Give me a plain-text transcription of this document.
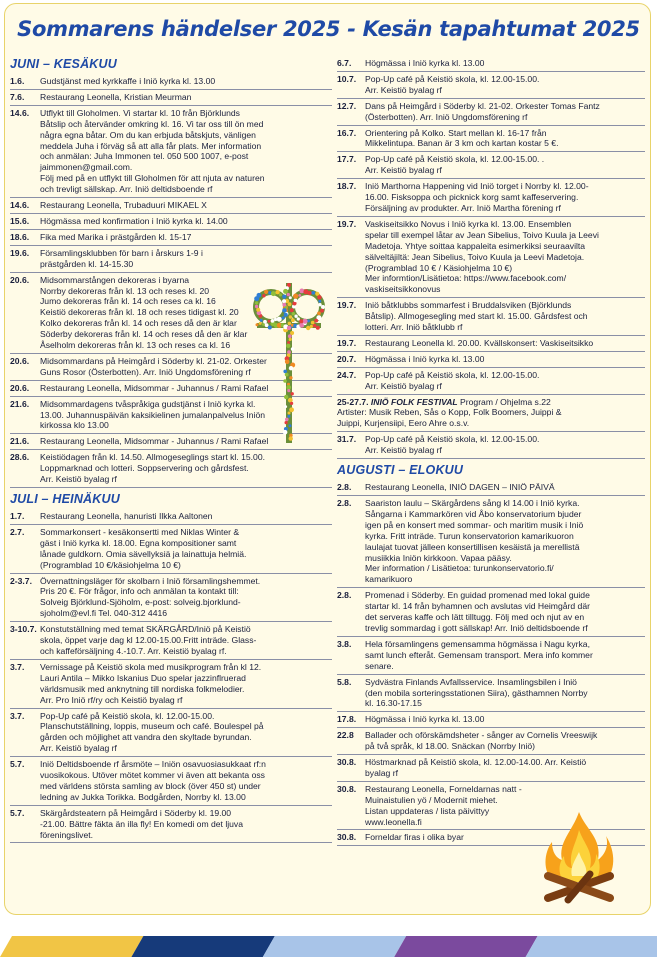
Sommarens händelser 2025 - Kesän tapahtumat 2025
JUNI – KESÄKUU
1.6.	Gudstjänst med kyrkkaffe i Iniö kyrka kl. 13.00
7.6.	Restaurang Leonella, Kristian Meurman
14.6.	Utflykt till Gloholmen. Vi startar kl. 10 från Björklunds
Båtslip och återvänder omkring kl. 16. Vi tar oss till ön med
några egna båtar. Om du kan erbjuda båtskjuts, vänligen
meddela Juha i förväg så att alla får plats. Mer information
och anmälan: Juha Immonen tel. 050 500 1007, e-post
jaimmonen@gmail.com.
Följ med på en utflykt till Gloholmen för att njuta av naturen
och trevligt sällskap. Arr. Iniö deltidsboende rf
14.6.	Restaurang Leonella, Trubaduuri MIKAEL X
15.6.	Högmässa med konfirmation i Iniö kyrka kl. 14.00
18.6.	Fika med Marika i prästgården kl. 15-17
19.6.	Församlingsklubben för barn i årskurs 1-9 i
prästgården kl. 14-15.30
20.6.	Midsommarstången dekoreras i byarna
Norrby dekoreras från kl. 13 och reses kl. 20
Jumo dekoreras från kl. 14 och reses ca kl. 16
Keistiö dekoreras från kl. 18 och reses tidigast kl. 20
Kolko dekoreras från kl. 14 och reses då den är klar
Söderby dekoreras från kl. 14 och reses då den är klar
Åselholm dekoreras från kl. 13 och reses ca kl. 16
20.6.	Midsommardans på Heimgård i Söderby kl. 21-02. Orkester
Guns Rosor (Österbotten). Arr. Iniö Ungdomsförening rf
20.6.	Restaurang Leonella, Midsommar - Juhannus / Rami Rafael
21.6.	Midsommardagens tvåspråkiga gudstjänst i Iniö kyrka kl.
13.00. Juhannuspäivän kaksikielinen jumalanpalvelus Iniön
kirkossa klo 13.00
21.6.	Restaurang Leonella, Midsommar - Juhannus / Rami Rafael
28.6.	Keistiödagen från kl. 14.50. Allmogeseglings start kl. 15.00.
Loppmarknad och lotteri. Soppservering och gårdsfest.
Arr. Keistiö byalag rf
JULI – HEINÄKUU
1.7.	Restaurang Leonella, hanuristi Ilkka Aaltonen
2.7.	Sommarkonsert - kesäkonsertti med Niklas Winter &
gäst i Iniö kyrka kl. 18.00. Egna kompositioner samt
lånade guldkorn. Omia sävellyksiä ja lainattuja helmiä.
(Programblad 10 €/käsiohjelma 10 €)
2-3.7. Övernattningsläger för skolbarn i Iniö församlingshemmet.
Pris 20 €. För frågor, info och anmälan ta kontakt till:
Solveig Björklund-Sjöholm, e-post: solveig.bjorklund-
sjoholm@evl.fi Tel. 040-312 4416
3-10.7. Konstutställning med temat SKÄRGÅRD/Iniö på Keistiö
skola, öppet varje dag kl 12.00-15.00.Fritt inträde. Glass-
och kaffeförsäljning 4.-10.7. Arr. Keistiö byalag rf.
3.7.	Vernissage på Keistiö skola med musikprogram från kl 12.
Lauri Antila – Mikko Iskanius Duo spelar jazzinflruerad
världsmusik med anknytning till nordiska folkmelodier.
Arr. Pro Iniö rf/ry och Keistiö byalag rf
3.7.	Pop-Up café på Keistiö skola, kl. 12.00-15.00.
Planschutställning, loppis, museum och café. Boulespel på
gården och möjlighet att vandra den skyltade byrundan.
Arr. Keistiö byalag rf
5.7.	Iniö Deltidsboende rf årsmöte – Iniön osavuosiasukkaat rf:n
vuosikokous. Utöver mötet kommer vi även att bekanta oss
med världens största samling av block (över 450 st) under
ledning av Jukka Torikka. Bodgården, Norrby kl. 13.00
5.7.	Skärgårdsteatern på Heimgård i Söderby kl. 19.00
-21.00. Bättre fäkta än illa fly! En komedi om det ljuva
föreningslivet.
6.7.	Högmässa i Iniö kyrka kl. 13.00
10.7.	Pop-Up café på Keistiö skola, kl. 12.00-15.00.
Arr. Keistiö byalag rf
12.7.	Dans på Heimgård i Söderby kl. 21-02. Orkester Tomas Fantz
(Österbotten). Arr. Iniö Ungdomsförening rf
16.7.	Orientering på Kolko. Start mellan kl. 16-17 från
Mikkelintupa. Banan är 3 km och kartan kostar 5 €.
17.7.	Pop-Up café på Keistiö skola, kl. 12.00-15.00. .
Arr. Keistiö byalag rf
18.7.	Iniö Marthorna Happening vid Iniö torget i Norrby kl. 12.00-
16.00. Fisksoppa och picknick korg samt kaffeservering.
Försäljning av produkter. Arr. Iniö Martha förening rf
19.7.	Vaskiseitsikko Novus i Iniö kyrka kl. 13.00. Ensemblen
spelar till exempel låtar av Jean Sibelius, Toivo Kuula ja Leevi
Madetoja. Yhtye soittaa kappaleita esimerkiksi seuraavilta
sälveltäjiltä: Jean Sibelius, Toivo Kuula ja Leevi Madetoja.
(Programblad 10 € / Käsiohjelma 10 €)
Mer informtion/Lisätietoa: https://www.facebook.com/
vaskiseitsikkonovus
19.7.	Iniö båtklubbs sommarfest i Bruddalsviken (Björklunds
Båtslip). Allmogesegling med start kl. 15.00. Gårdsfest och
lotteri. Arr. Iniö båtklubb rf
19.7.	Restaurang Leonella kl. 20.00. Kvällskonsert: Vaskiseitsikko
20.7.	Högmässa i Iniö kyrka kl. 13.00
24.7.	Pop-Up café på Keistiö skola, kl. 12.00-15.00.
Arr. Keistiö byalag rf
25-27.7. INIÖ FOLK FESTIVAL Program / Ohjelma s.22
Artister: Musik Reben, Sås o Kopp, Folk Boomers, Juippi &
Juippi, Kurjensiipi, Eero Ahre o.s.v.
31.7.	Pop-Up café på Keistiö skola, kl. 12.00-15.00.
Arr. Keistiö byalag rf
AUGUSTI – ELOKUU
2.8.	Restaurang Leonella, INIÖ DAGEN – INIÖ PÄIVÄ
2.8.	Saariston laulu – Skärgårdens sång kl 14.00 i Iniö kyrka.
Sångarna i Kammarkören vid Åbo konservatorium bjuder
igen på en konsert med sommar- och maritim musik i Iniö
kyrka. Fritt inträde. Turun konservatorion kamarikuoron
laulajat tuovat jälleen konsertillisen kesäistä ja merellistä
musiikkia Iniön kirkkoon. Vapaa pääsy.
Mer information / Lisätietoa: turunkonservatorio.fi/
kamarikuoro
2.8.	Promenad i Söderby. En guidad promenad med lokal guide
startar kl. 14 från byhamnen och avslutas vid Heimgård där
det serveras kaffe och lätt tilltugg. Följ med och njut av en
trevlig sommardag i gott sällskap! Arr. Iniö deltidsboende rf
3.8.	Hela församlingens gemensamma högmässa i Nagu kyrka,
samt lunch efteråt. Gemensam transport. Mera info kommer
senare.
5.8.	Sydvästra Finlands Avfallsservice. Insamlingsbilen i Iniö
(den mobila sorteringsstationen Siira), gästhamnen Norrby
kl. 16.30-17.15
17.8.	Högmässa i Iniö kyrka kl. 13.00
22.8	Ballader och oförskämdsheter - sånger av Cornelis Vreeswijk
på två språk, kl 18.00. Snäckan (Norrby Iniö)
30.8.	Höstmarknad på Keistiö skola, kl. 12.00-14.00. Arr. Keistiö
byalag rf
30.8.	Restaurang Leonella, Forneldarnas natt -
Muinaistulien yö / Modernit miehet.
Listan uppdateras / lista päivittyy
www.leonella.fi
30.8.	Forneldar firas i olika byar
